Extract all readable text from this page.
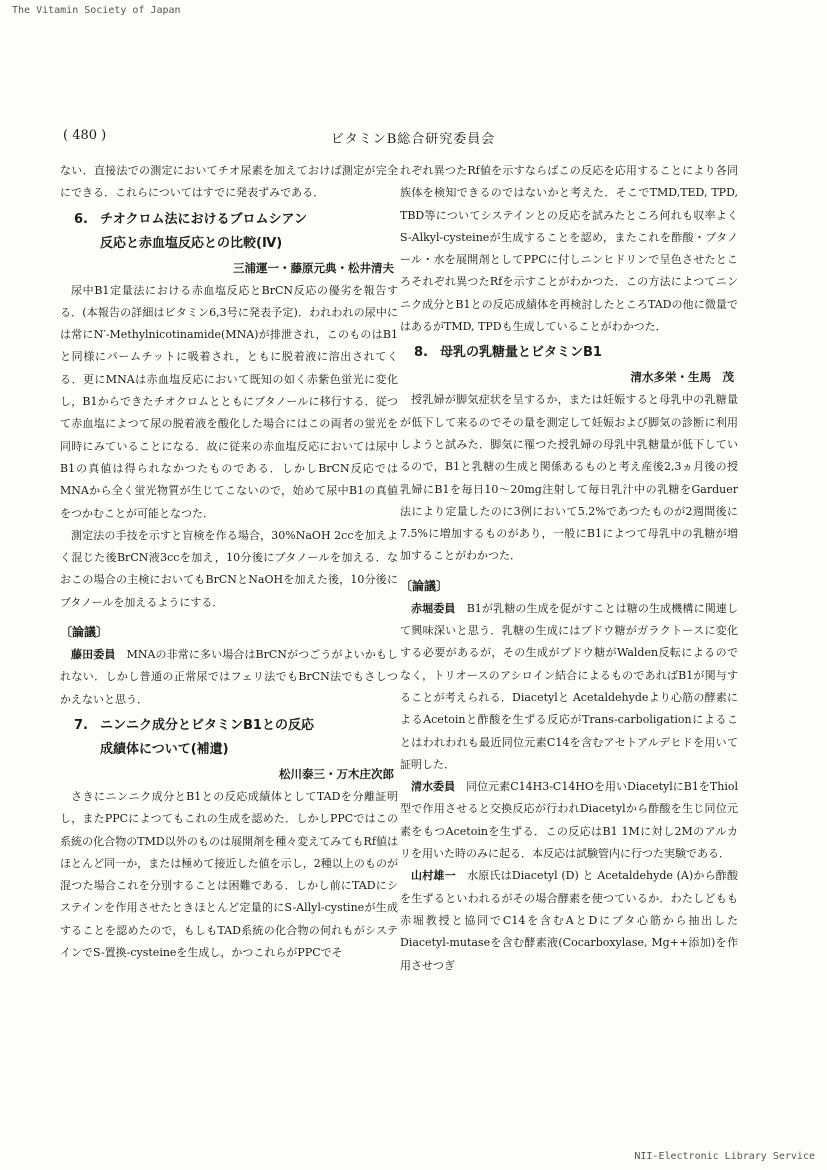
The Vitamin Society of Japan
( 480 )	ビタミンB総合研究委員会

ない．直接法での測定においてチオ尿素を加えておけば測定が完全にできる．これらについてはすでに発表ずみである．

6. チオクロム法におけるブロムシアン
反応と赤血塩反応との比較(Ⅳ)

三浦運一・藤原元典・松井清夫

尿中B1定量法における赤血塩反応とBrCN反応の優劣を報告する．(本報告の詳細はビタミン6,3号に発表予定)．われわれの尿中には常にN′-Methylnicotinamide(MNA)が排泄され，このものはB1と同様にパームチットに吸着され，ともに脱着液に溶出されてくる．更にMNAは赤血塩反応において既知の如く赤紫色蛍光に変化し，B1からできたチオクロムとともにブタノールに移行する．従つて赤血塩によつて尿の脱着液を酸化した場合にはこの両者の蛍光を同時にみていることになる．故に従来の赤血塩反応においては尿中B1の真値は得られなかつたものである．しかしBrCN反応ではMNAから全く蛍光物質が生じてこないので，始めて尿中B1の真値をつかむことが可能となつた．

測定法の手技を示すと盲検を作る場合，30%NaOH 2ccを加えよく混じた後BrCN液3ccを加え，10分後にブタノールを加える．なおこの場合の主検においてもBrCNとNaOHを加えた後，10分後にブタノールを加えるようにする．

〔論議〕

藤田委員　 MNAの非常に多い場合はBrCNがつごうがよいかもしれない．しかし普通の正常尿ではフェリ法でもBrCN法でもさしつかえないと思う．

7. ニンニク成分とビタミンB1との反応
成績体について(補遺)

松川泰三・万木庄次郎

さきにニンニク成分とB1との反応成績体としてTADを分離証明し，またPPCによつてもこれの生成を認めた．しかしPPCではこの系統の化合物のTMD以外のものは展開剤を種々変えてみてもRf値はほとんど同一か，または極めて接近した値を示し，2種以上のものが混つた場合これを分別することは困難である．しかし前にTADにシステインを作用させたときほとんど定量的にS-Allyl-cystineが生成することを認めたので，もしもTAD系統の化合物の何れもがシステインでS-置換-cysteineを生成し，かつこれらがPPCでそ

れぞれ異つたRf値を示すならばこの反応を応用することにより各同族体を検知できるのではないかと考えた．そこでTMD,TED, TPD, TBD等についてシステインとの反応を試みたところ何れも収率よくS-Alkyl-cysteineが生成することを認め，またこれを酢酸・ブタノール・水を展開剤としてPPCに付しニンヒドリンで呈色させたところそれぞれ異つたRfを示すことがわかつた．この方法によつてニンニク成分とB1との反応成績体を再検討したところTADの他に微量ではあるがTMD, TPDも生成していることがわかつた．

8. 母乳の乳糖量とビタミンB1

清水多栄・生馬　茂

授乳婦が脚気症状を呈するか，または妊娠すると母乳中の乳糖量が低下して来るのでその量を測定して妊娠および脚気の診断に利用しようと試みた．脚気に罹つた授乳婦の母乳中乳糖量が低下しているので，B1と乳糖の生成と関係あるものと考え産後2,3ヵ月後の授乳婦にB1を毎日10～20mg注射して毎日乳汁中の乳糖をGarduer法により定量したのに3例において5.2%であつたものが2週間後に7.5%に増加するものがあり，一般にB1によつて母乳中の乳糖が増加することがわかつた．

〔論議〕

赤堀委員　 B1が乳糖の生成を促がすことは糖の生成機構に関連して興味深いと思う．乳糖の生成にはブドウ糖がガラクトースに変化する必要があるが，その生成がブドウ糖がWalden反転によるのでなく，トリオースのアシロイン結合によるものであればB1が関与することが考えられる．Diacetylと Acetaldehydeより心筋の酵素によるAcetoinと酢酸を生ずる反応がTrans-carboligationによることはわれわれも最近同位元素C14を含むアセトアルデヒドを用いて証明した．

清水委員　 同位元素C14H3-C14HOを用いDiacetylにB1をThiol型で作用させると交換反応が行われDiacetylから酢酸を生じ同位元素をもつAcetoinを生ずる．この反応はB1 1Mに対し2Mのアルカリを用いた時のみに起る．本反応は試験管内に行つた実験である．

山村雄一　 水原氏はDiacetyl (D) と Acetaldehyde (A)から酢酸を生ずるといわれるがその場合酵素を使つているか．わたしどもも赤堀教授と協同でC14を含むAとDにブタ心筋から抽出したDiacetyl-mutaseを含む酵素液(Cocarboxylase, Mg++添加)を作用させつぎ

NII-Electronic Library Service
